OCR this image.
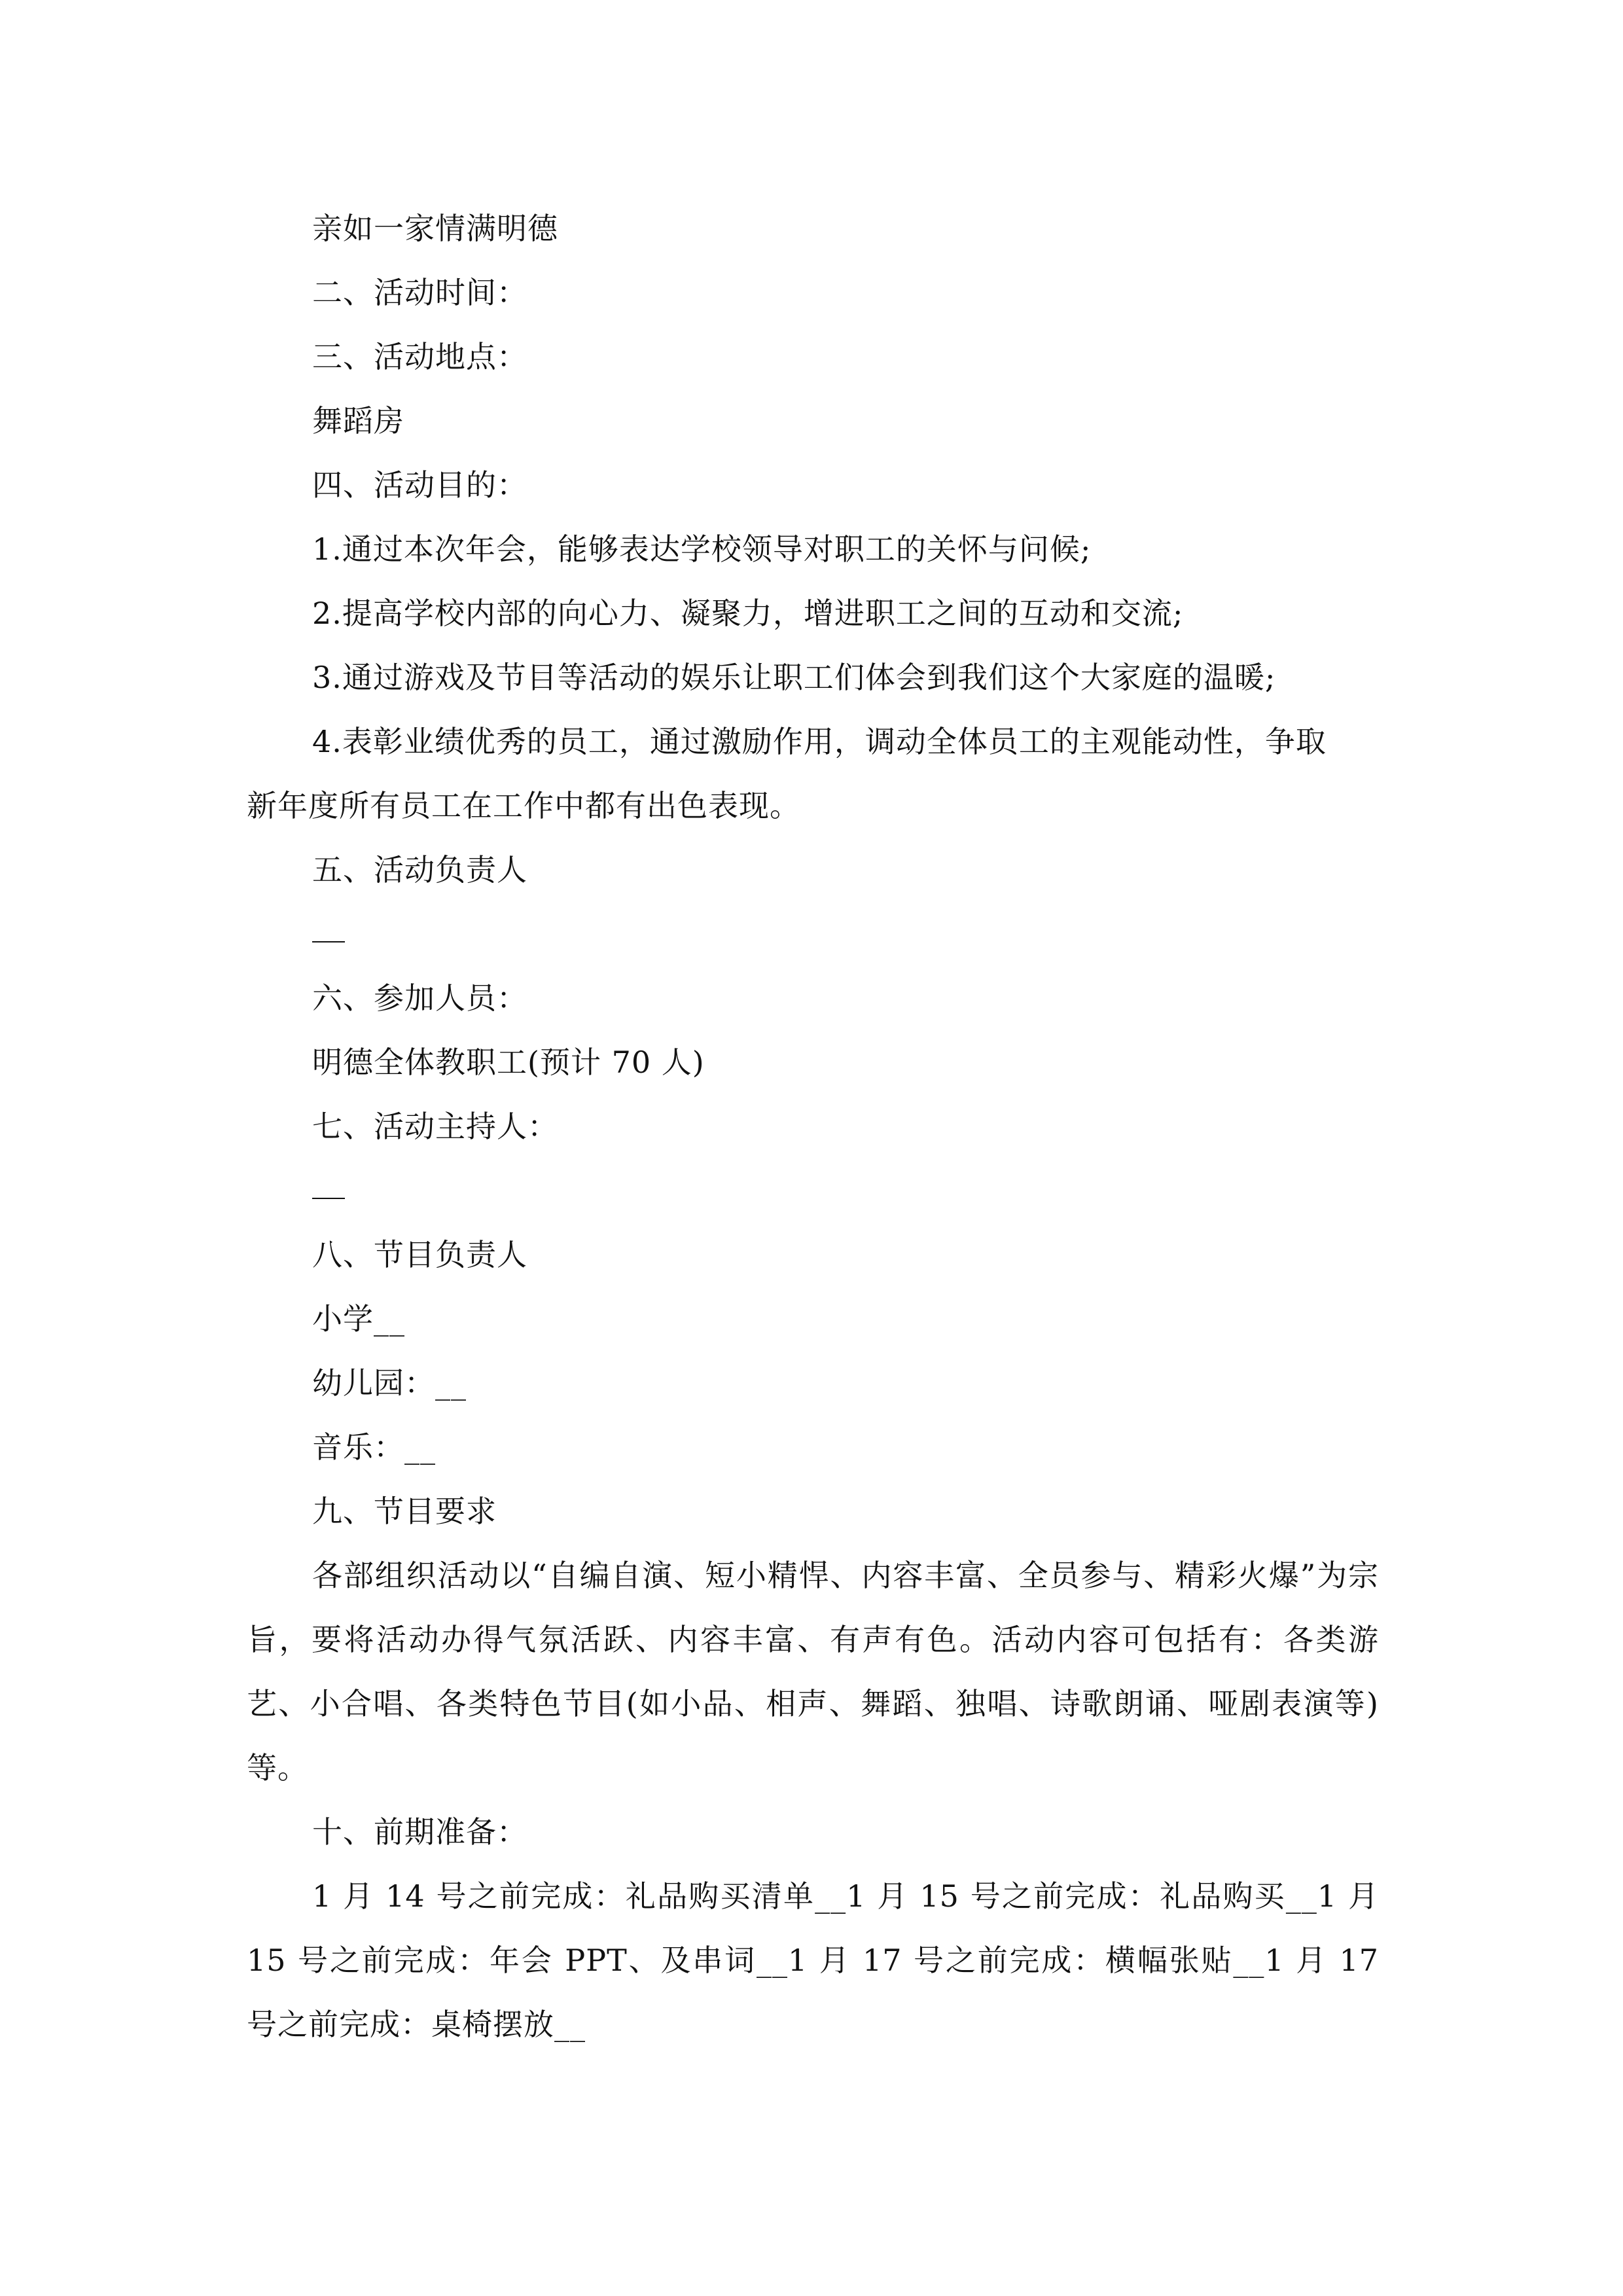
亲如一家情满明德
二、活动时间：
三、活动地点：
舞蹈房
四、活动目的：
1.通过本次年会，能够表达学校领导对职工的关怀与问候;
2.提高学校内部的向心力、凝聚力，增进职工之间的互动和交流;
3.通过游戏及节目等活动的娱乐让职工们体会到我们这个大家庭的温暖;
4.表彰业绩优秀的员工，通过激励作用，调动全体员工的主观能动性，争取
新年度所有员工在工作中都有出色表现。
五、活动负责人
六、参加人员：
明德全体教职工(预计 70 人)
七、活动主持人：
八、节目负责人
小学__
幼儿园：__
音乐：__
九、节目要求
各部组织活动以“自编自演、短小精悍、内容丰富、全员参与、精彩火爆”为宗旨，要将活动办得气氛活跃、内容丰富、有声有色。活动内容可包括有：各类游艺、小合唱、各类特色节目(如小品、相声、舞蹈、独唱、诗歌朗诵、哑剧表演等)等。
十、前期准备：
1 月 14 号之前完成：礼品购买清单__1 月 15 号之前完成：礼品购买__1 月 15 号之前完成：年会 PPT、及串词__1 月 17 号之前完成：横幅张贴__1 月 17 号之前完成：桌椅摆放__
